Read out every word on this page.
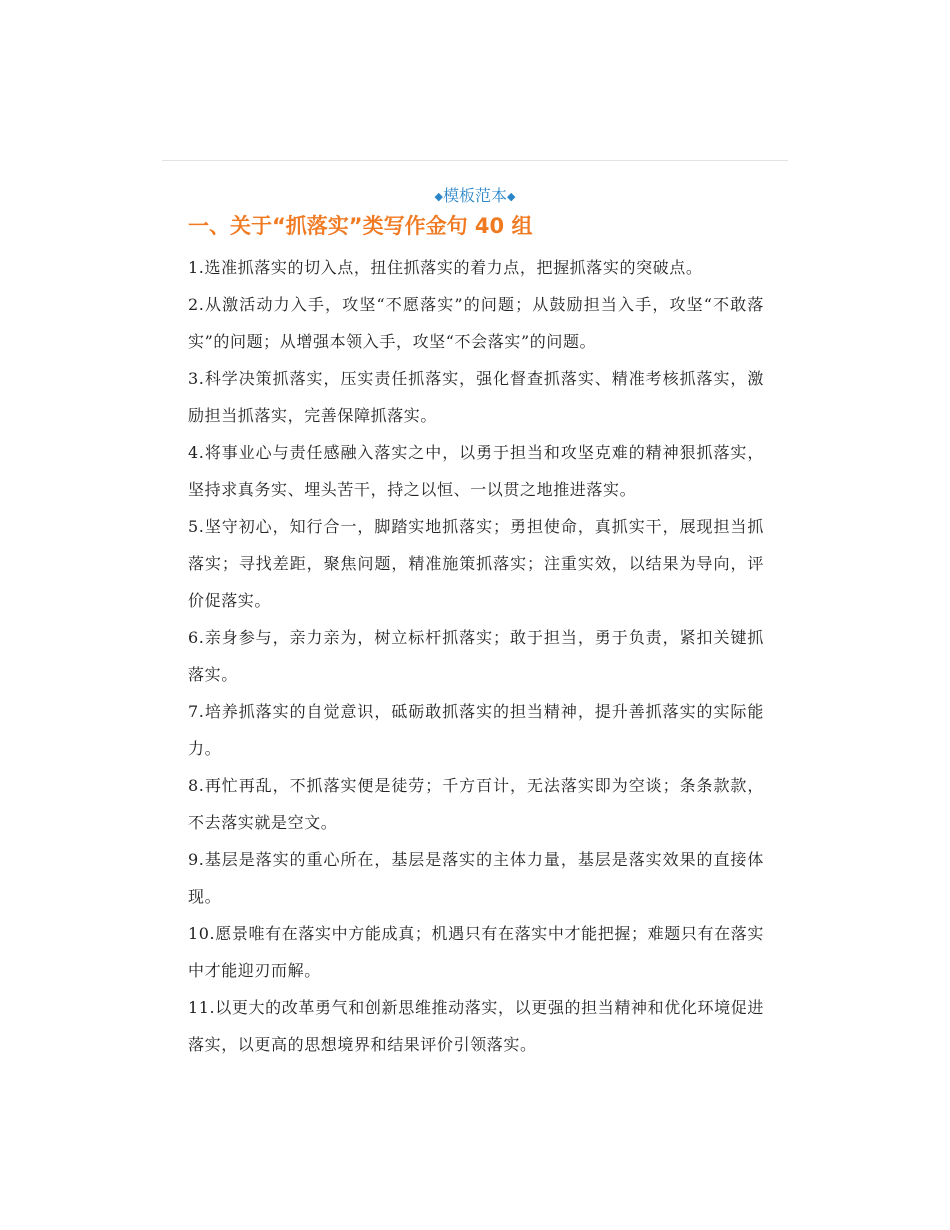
◆模板范本◆
一、关于“抓落实”类写作金句 40 组
1.选准抓落实的切入点，扭住抓落实的着力点，把握抓落实的突破点。
2.从激活动力入手，攻坚“不愿落实”的问题；从鼓励担当入手，攻坚“不敢落实”的问题；从增强本领入手，攻坚“不会落实”的问题。
3.科学决策抓落实，压实责任抓落实，强化督查抓落实、精准考核抓落实，激励担当抓落实，完善保障抓落实。
4.将事业心与责任感融入落实之中，以勇于担当和攻坚克难的精神狠抓落实，坚持求真务实、埋头苦干，持之以恒、一以贯之地推进落实。
5.坚守初心，知行合一，脚踏实地抓落实；勇担使命，真抓实干，展现担当抓落实；寻找差距，聚焦问题，精准施策抓落实；注重实效，以结果为导向，评价促落实。
6.亲身参与，亲力亲为，树立标杆抓落实；敢于担当，勇于负责，紧扣关键抓落实。
7.培养抓落实的自觉意识，砥砺敢抓落实的担当精神，提升善抓落实的实际能力。
8.再忙再乱，不抓落实便是徒劳；千方百计，无法落实即为空谈；条条款款，不去落实就是空文。
9.基层是落实的重心所在，基层是落实的主体力量，基层是落实效果的直接体现。
10.愿景唯有在落实中方能成真；机遇只有在落实中才能把握；难题只有在落实中才能迎刃而解。
11.以更大的改革勇气和创新思维推动落实，以更强的担当精神和优化环境促进落实，以更高的思想境界和结果评价引领落实。
